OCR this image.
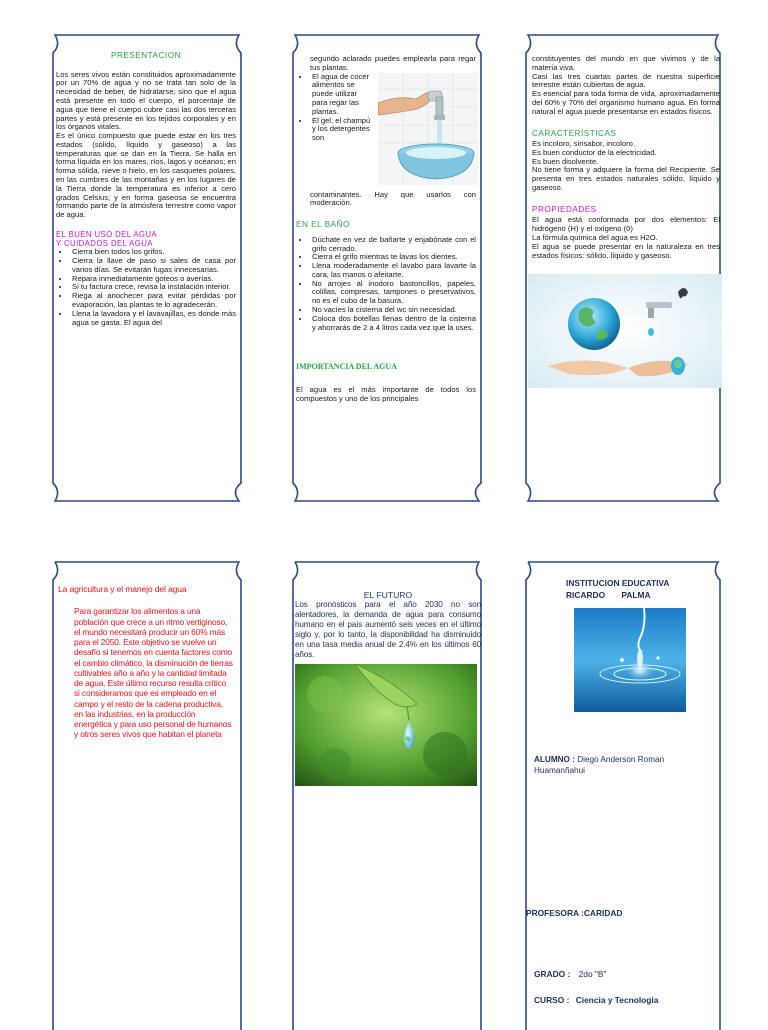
PRESENTACION

Los seres vivos están constituidos aproximadamente por un 70% de agua y no se trata tan solo de la necesidad de beber, de hidratarse, sino que el agua está presente en todo el cuerpo, el porcentaje de agua que tiene el cuerpo cubre casi las dos terceras partes y está presente en los tejidos corporales y en los órganos vitales.

Es el único compuesto que puede estar en los tres estados (sólido, líquido y gaseoso) a las temperaturas que se dan en la Tierra. Se halla en forma líquida en los mares, ríos, lagos y océanos; en forma sólida, nieve o hielo, en los casquetes polares, en las cumbres de las montañas y en los lugares de la Tierra donde la temperatura es inferior a cero grados Celsius; y en forma gaseosa se encuentra formando parte de la atmósfera terrestre como vapor de agua.

EL BUEN USO DEL AGUA
Y CUIDADOS DEL AGUA
• Cierra bien todos los grifos.
• Cierra la llave de paso si sales de casa por varios días. Se evitarán fugas innecesarias.
• Repara inmediatamente goteos o averías.
• Si tu factura crece, revisa la instalación interior.
• Riega al anochecer para evitar pérdidas por evaporación, las plantas te lo agradecerán.
• Llena la lavadora y el lavavajillas, es donde más agua se gasta. El agua del
segundo aclarado puedes emplearla para regar tus plantas.
• El agua de cocer alimentos se puede utilizar para regar las plantas.
• El gel, el champú y los detergentes son

contaminantes. Hay que usarlos con moderación.

EN EL BAÑO
• Dúchate en vez de bañarte y enjabónate con el grifo cerrado.
• Cierra el grifo mientras te lavas los dientes.
• Llena moderadamente el lavabo para lavarte la cara, las manos o afeitarte.
• No arrojes al inodoro bastoncillos, papeles, colillas, compresas, tampones o preservativos, no es el cubo de la basura.
• No vacíes la cisterna del wc sin necesidad.
• Coloca dos botellas llenas dentro de la cisterna y ahorrarás de 2 a 4 litros cada vez que la uses.
IMPORTANCIA DEL AGUA

El agua es el más importante de todos los compuestos y uno de los principales

constituyentes del mundo en que vivimos y de la materia viva.

Casi las tres cuartas partes de nuestra superficie terrestre están cubiertas de agua.

Es esencial para toda forma de vida, aproximadamente del 60% y 70% del organismo humano agua. En forma natural el agua puede presentarse en estados físicos.

CARACTERÍSTICAS
Es incoloro, sinsabor, incoloro.
Es buen conductor de la electricidad.
Es buen disolvente.

No tiene forma y adquiere la forma del Recipiente. Se presenta en tres estados naturales sólido, líquido y gaseoso.

PROPIEDADES

El agua está conformada por dos elementos: El hidrógeno (H) y el oxígeno (0)

La fórmula química del agua es H2O.

El agua se puede presentar en la naturaleza en tres estados físicos: sólido, líquido y gaseoso.

La agricultura y el manejo del agua

Para garantizar los alimentos a una población que crece a un ritmo vertiginoso, el mundo necesitará producir un 60% más para el 2050. Este objetivo se vuelve un desafío si tenemos en cuenta factores como el cambio climático, la disminución de tierras cultivables año a año y la cantidad limitada de agua. Este último recurso resulta crítico si consideramos que es empleado en el campo y el resto de la cadena productiva, en las industrias, en la producción energética y para uso personal de humanos y otros seres vivos que habitan el planeta

EL FUTURO

Los pronósticos para el año 2030 no son alentadores, la demanda de agua para consumo humano en el país aumentó seis veces en el último siglo y, por lo tanto, la disponibilidad ha disminuido en una tasa media anual de 2.4% en los últimos 60 años.

INSTITUCION EDUCATIVA
RICARDO PALMA
ALUMNO : Diego Anderson Roman
Huamanñahui
PROFESORA :CARIDAD
GRADO : 2do "B"
CURSO : Ciencia y Tecnologia
